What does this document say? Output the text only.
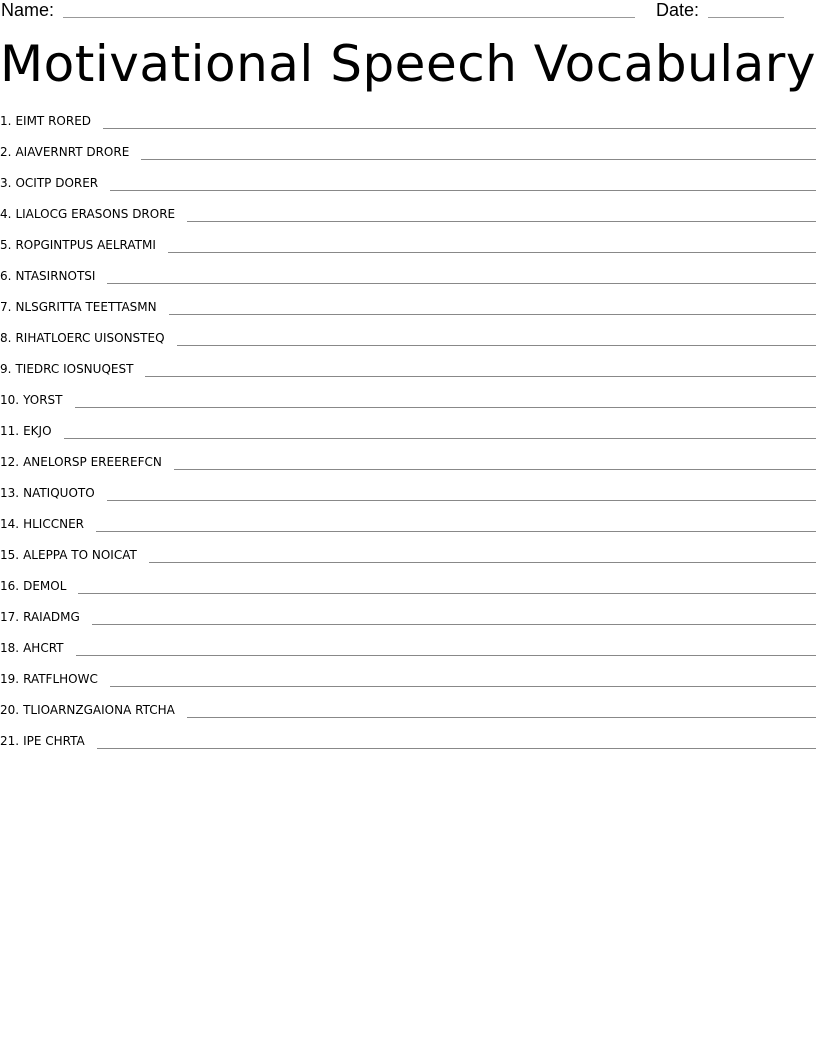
Name:	Date:
Motivational Speech Vocabulary
1. EIMT RORED
2. AIAVERNRT DRORE
3. OCITP DORER
4. LIALOCG ERASONS DRORE
5. ROPGINTPUS AELRATMI
6. NTASIRNOTSI
7. NLSGRITTA TEETTASMN
8. RIHATLOERC UISONSTEQ
9. TIEDRC IOSNUQEST
10. YORST
11. EKJO
12. ANELORSP EREEREFCN
13. NATIQUOTO
14. HLICCNER
15. ALEPPA TO NOICAT
16. DEMOL
17. RAIADMG
18. AHCRT
19. RATFLHOWC
20. TLIOARNZGAIONA RTCHA
21. IPE CHRTA
